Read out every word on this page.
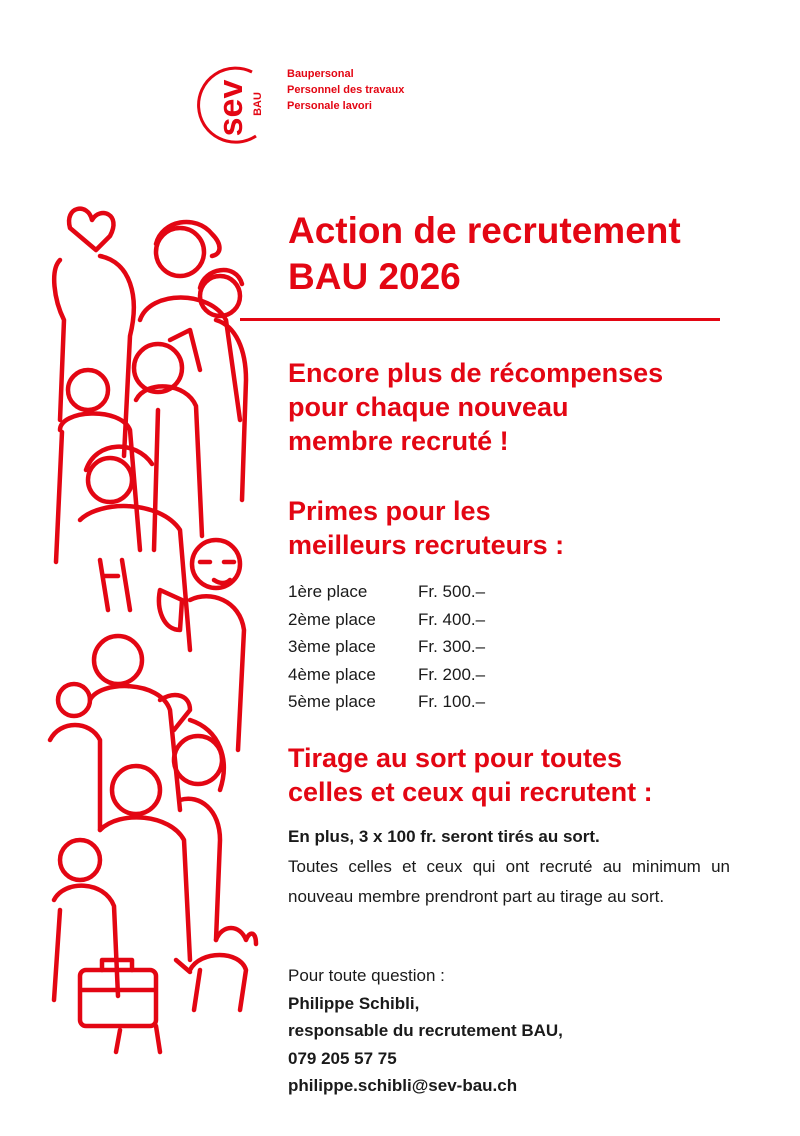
sev BAU
Baupersonal
Personnel des travaux
Personale lavori
Action de recrutement
BAU 2026
Encore plus de récompenses
pour chaque nouveau
membre recruté !
Primes pour les
meilleurs recruteurs :
1ère place	Fr. 500.–
2ème place	Fr. 400.–
3ème place	Fr. 300.–
4ème place	Fr. 200.–
5ème place	Fr. 100.–
Tirage au sort pour toutes
celles et ceux qui recrutent :
En plus, 3 x 100 fr. seront tirés au sort.
Toutes celles et ceux qui ont recruté au minimum un nouveau membre prendront part au tirage au sort.
Pour toute question :
Philippe Schibli,
responsable du recrutement BAU,
079 205 57 75
philippe.schibli@sev-bau.ch
